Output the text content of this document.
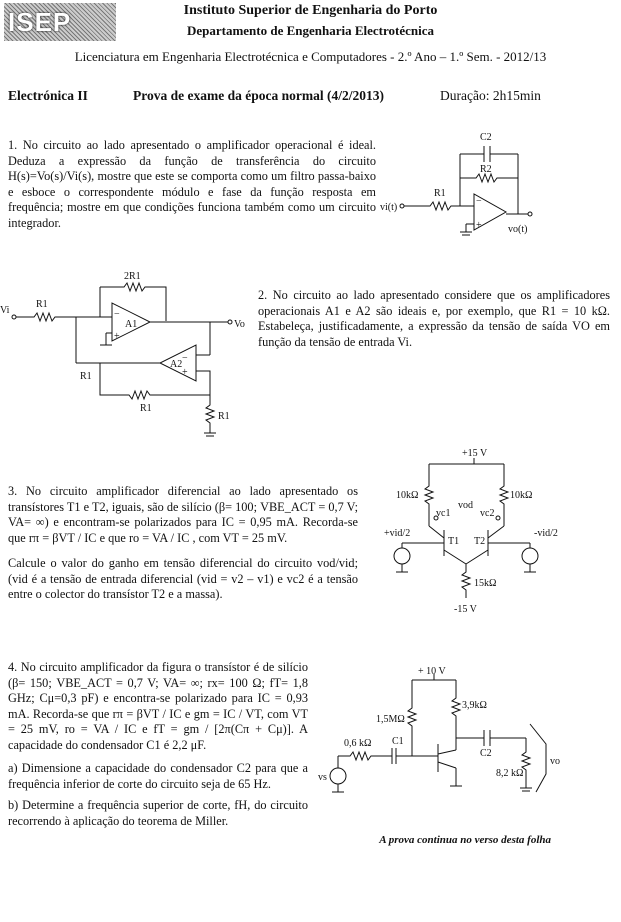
ISEP	Instituto Superior de Engenharia do Porto
Departamento de Engenharia Electrotécnica
Licenciatura em Engenharia Electrotécnica e Computadores - 2.º Ano – 1.º Sem. - 2012/13
Electrónica II	Prova de exame da época normal (4/2/2013)	Duração: 2h15min
1. No circuito ao lado apresentado o amplificador operacional é ideal. Deduza a expressão da função de transferência do circuito H(s)=Vo(s)/Vi(s), mostre que este se comporta como um filtro passa-baixo e esboce o correspondente módulo e fase da função resposta em frequência; mostre em que condições funciona também como um circuito integrador.
−
+
C2
R2
R1
vi(t)
vo(t)
−
+
−
+
2R1
R1
A1
A2
R1
R1
R1
Vi
Vo
2. No circuito ao lado apresentado considere que os amplificadores operacionais A1 e A2 são ideais e, por exemplo, que R1 = 10 kΩ. Estabeleça, justificadamente, a expressão da tensão de saída VO em função da tensão de entrada Vi.

3. No circuito amplificador diferencial ao lado apresentado os transístores T1 e T2, iguais, são de silício (β= 100; VBE_ACT = 0,7 V; VA= ∞) e encontram-se polarizados para IC = 0,95 mA. Recorda-se que rπ = βVT / IC e que ro = VA / IC , com VT = 25 mV.

Calcule o valor do ganho em tensão diferencial do circuito vod/vid; (vid é a tensão de entrada diferencial (vid = v2 – v1) e vc2 é a tensão entre o colector do transístor T2 e a massa).

+15 V
10kΩ	10kΩ
vod
vc1	vc2
T1 T2
15kΩ
-15 V
+vid/2	-vid/2

4. No circuito amplificador da figura o transístor é de silício (β= 150; VBE_ACT = 0,7 V; VA= ∞; rx= 100 Ω; fT= 1,8 GHz; Cμ=0,3 pF) e encontra-se polarizado para IC = 0,93 mA. Recorda-se que rπ = βVT / IC e gm = IC / VT, com VT = 25 mV, ro = VA / IC e fT = gm / [2π(Cπ + Cμ)]. A capacidade do condensador C1 é 2,2 μF.

a) Dimensione a capacidade do condensador C2 para que a frequência inferior de corte do circuito seja de 65 Hz.

b) Determine a frequência superior de corte, fH, do circuito recorrendo à aplicação do teorema de Miller.

+ 10 V
1,5MΩ
3,9kΩ
0,6 kΩ C1
C2
8,2 kΩ
vs
vo
A prova continua no verso desta folha
